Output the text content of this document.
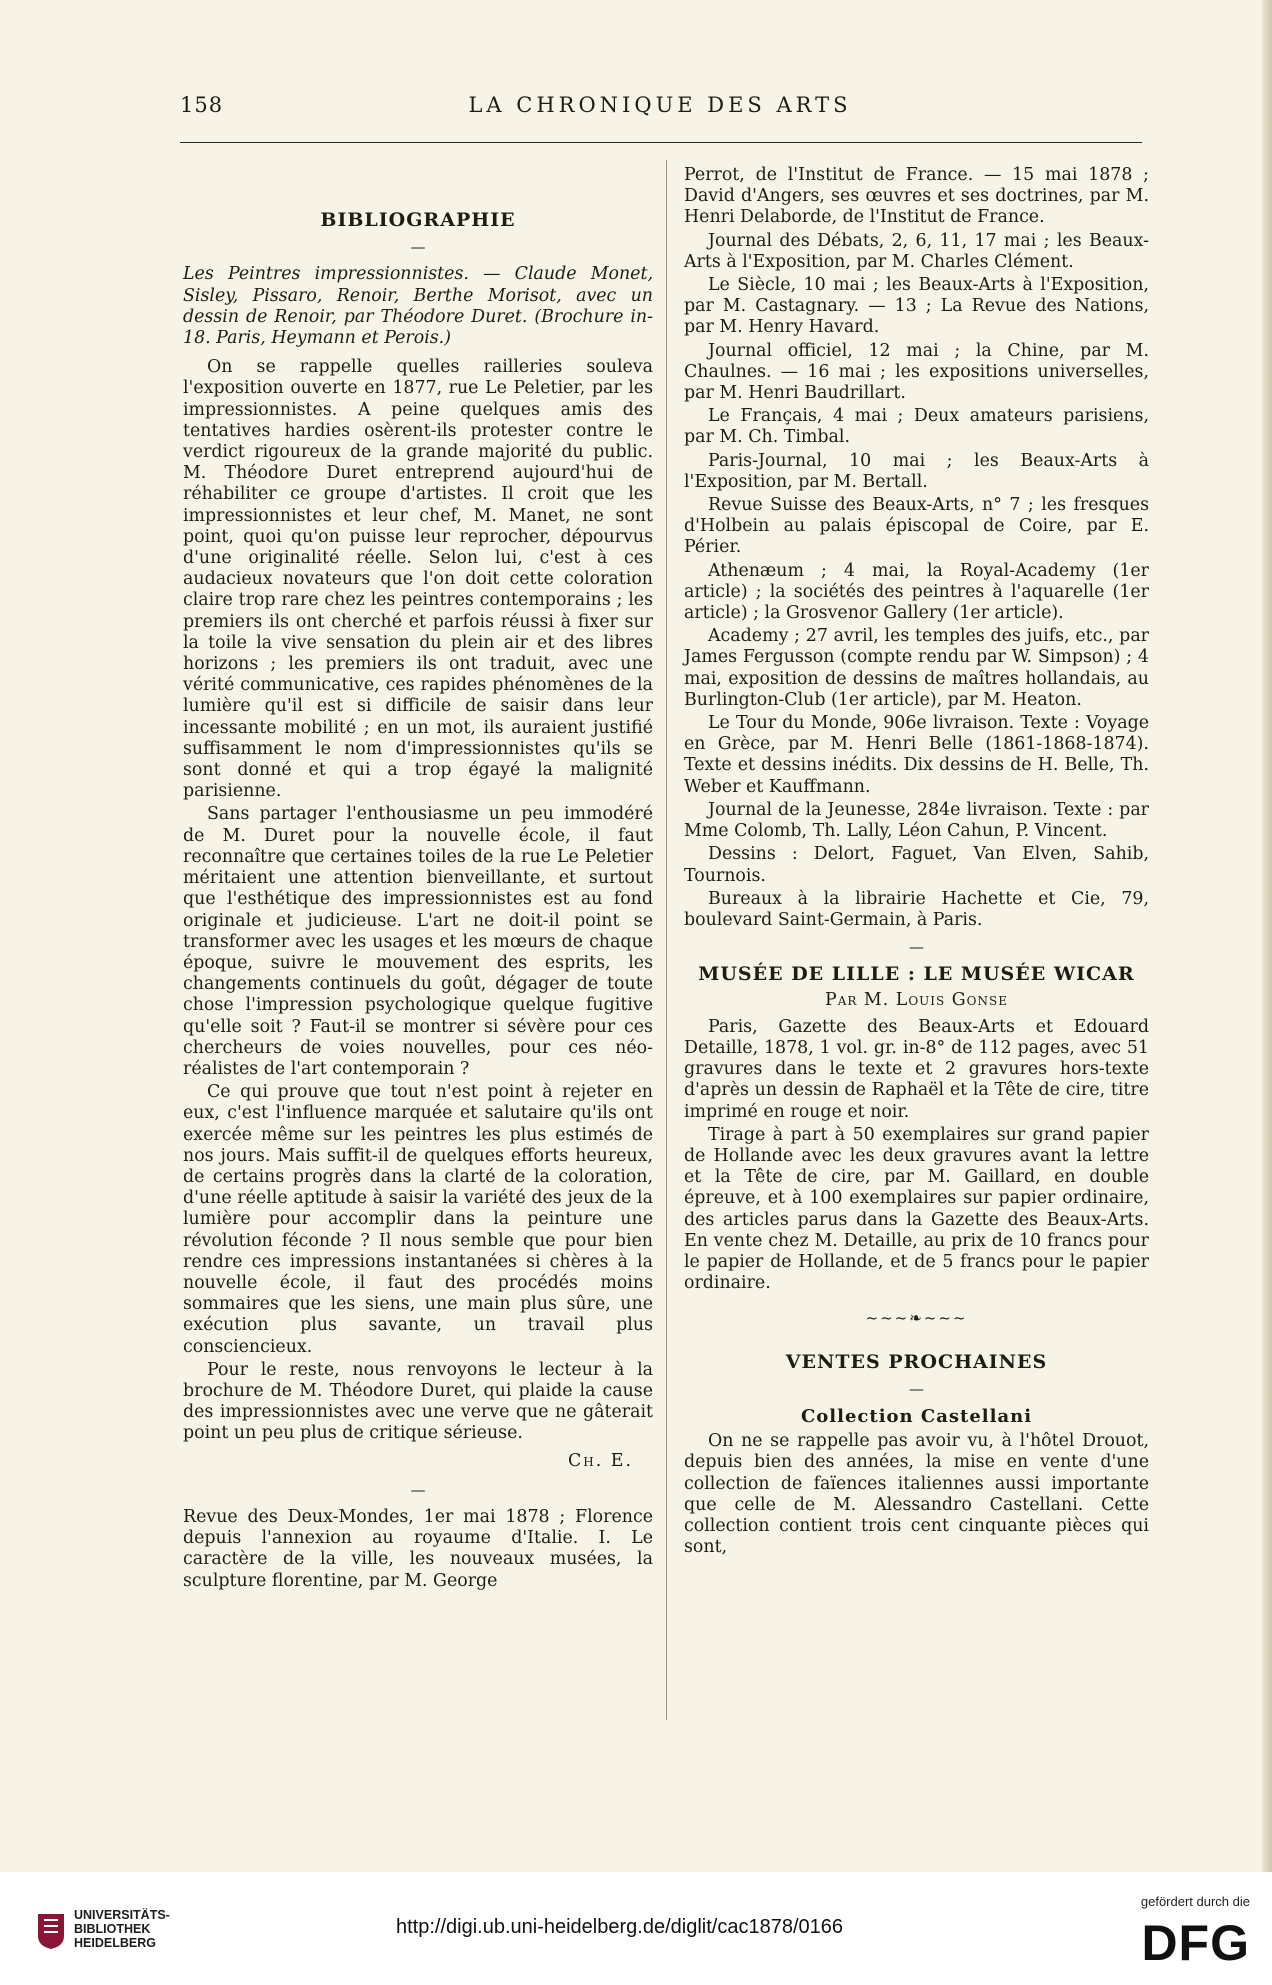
158	LA CHRONIQUE DES ARTS
BIBLIOGRAPHIE
—

Les Peintres impressionnistes. — Claude Monet, Sisley, Pissaro, Renoir, Berthe Morisot, avec un dessin de Renoir, par Théodore Duret. (Brochure in-18. Paris, Heymann et Perois.)

On se rappelle quelles railleries souleva l'exposition ouverte en 1877, rue Le Peletier, par les impressionnistes. A peine quelques amis des tentatives hardies osèrent-ils protester contre le verdict rigoureux de la grande majorité du public. M. Théodore Duret entreprend aujourd'hui de réhabiliter ce groupe d'artistes. Il croit que les impressionnistes et leur chef, M. Manet, ne sont point, quoi qu'on puisse leur reprocher, dépourvus d'une originalité réelle. Selon lui, c'est à ces audacieux novateurs que l'on doit cette coloration claire trop rare chez les peintres contemporains ; les premiers ils ont cherché et parfois réussi à fixer sur la toile la vive sensation du plein air et des libres horizons ; les premiers ils ont traduit, avec une vérité communicative, ces rapides phénomènes de la lumière qu'il est si difficile de saisir dans leur incessante mobilité ; en un mot, ils auraient justifié suffisamment le nom d'impressionnistes qu'ils se sont donné et qui a trop égayé la malignité parisienne.

Sans partager l'enthousiasme un peu immodéré de M. Duret pour la nouvelle école, il faut reconnaître que certaines toiles de la rue Le Peletier méritaient une attention bienveillante, et surtout que l'esthétique des impressionnistes est au fond originale et judicieuse. L'art ne doit-il point se transformer avec les usages et les mœurs de chaque époque, suivre le mouvement des esprits, les changements continuels du goût, dégager de toute chose l'impression psychologique quelque fugitive qu'elle soit ? Faut-il se montrer si sévère pour ces chercheurs de voies nouvelles, pour ces néo-réalistes de l'art contemporain ?

Ce qui prouve que tout n'est point à rejeter en eux, c'est l'influence marquée et salutaire qu'ils ont exercée même sur les peintres les plus estimés de nos jours. Mais suffit-il de quelques efforts heureux, de certains progrès dans la clarté de la coloration, d'une réelle aptitude à saisir la variété des jeux de la lumière pour accomplir dans la peinture une révolution féconde ? Il nous semble que pour bien rendre ces impressions instantanées si chères à la nouvelle école, il faut des procédés moins sommaires que les siens, une main plus sûre, une exécution plus savante, un travail plus consciencieux.

Pour le reste, nous renvoyons le lecteur à la brochure de M. Théodore Duret, qui plaide la cause des impressionnistes avec une verve que ne gâterait point un peu plus de critique sérieuse.

Ch. E.
—

Revue des Deux-Mondes, 1er mai 1878 ; Florence depuis l'annexion au royaume d'Italie. I. Le caractère de la ville, les nouveaux musées, la sculpture florentine, par M. George

Perrot, de l'Institut de France. — 15 mai 1878 ; David d'Angers, ses œuvres et ses doctrines, par M. Henri Delaborde, de l'Institut de France.

Journal des Débats, 2, 6, 11, 17 mai ; les Beaux-Arts à l'Exposition, par M. Charles Clément.

Le Siècle, 10 mai ; les Beaux-Arts à l'Exposition, par M. Castagnary. — 13 ; La Revue des Nations, par M. Henry Havard.

Journal officiel, 12 mai ; la Chine, par M. Chaulnes. — 16 mai ; les expositions universelles, par M. Henri Baudrillart.

Le Français, 4 mai ; Deux amateurs parisiens, par M. Ch. Timbal.

Paris-Journal, 10 mai ; les Beaux-Arts à l'Exposition, par M. Bertall.

Revue Suisse des Beaux-Arts, n° 7 ; les fresques d'Holbein au palais épiscopal de Coire, par E. Périer.

Athenæum ; 4 mai, la Royal-Academy (1er article) ; la sociétés des peintres à l'aquarelle (1er article) ; la Grosvenor Gallery (1er article).

Academy ; 27 avril, les temples des juifs, etc., par James Fergusson (compte rendu par W. Simpson) ; 4 mai, exposition de dessins de maîtres hollandais, au Burlington-Club (1er article), par M. Heaton.

Le Tour du Monde, 906e livraison. Texte : Voyage en Grèce, par M. Henri Belle (1861-1868-1874). Texte et dessins inédits. Dix dessins de H. Belle, Th. Weber et Kauffmann.

Journal de la Jeunesse, 284e livraison. Texte : par Mme Colomb, Th. Lally, Léon Cahun, P. Vincent.

Dessins : Delort, Faguet, Van Elven, Sahib, Tournois.

Bureaux à la librairie Hachette et Cie, 79, boulevard Saint-Germain, à Paris.

—
MUSÉE DE LILLE : LE MUSÉE WICAR
Par M. Louis Gonse

Paris, Gazette des Beaux-Arts et Edouard Detaille, 1878, 1 vol. gr. in-8° de 112 pages, avec 51 gravures dans le texte et 2 gravures hors-texte d'après un dessin de Raphaël et la Tête de cire, titre imprimé en rouge et noir.

Tirage à part à 50 exemplaires sur grand papier de Hollande avec les deux gravures avant la lettre et la Tête de cire, par M. Gaillard, en double épreuve, et à 100 exemplaires sur papier ordinaire, des articles parus dans la Gazette des Beaux-Arts. En vente chez M. Detaille, au prix de 10 francs pour le papier de Hollande, et de 5 francs pour le papier ordinaire.

~~~❧~~~
VENTES PROCHAINES
—
Collection Castellani

On ne se rappelle pas avoir vu, à l'hôtel Drouot, depuis bien des années, la mise en vente d'une collection de faïences italiennes aussi importante que celle de M. Alessandro Castellani. Cette collection contient trois cent cinquante pièces qui sont,

UNIVERSITÄTS-
BIBLIOTHEK
HEIDELBERG
http://digi.ub.uni-heidelberg.de/diglit/cac1878/0166
gefördert durch die
DFG
